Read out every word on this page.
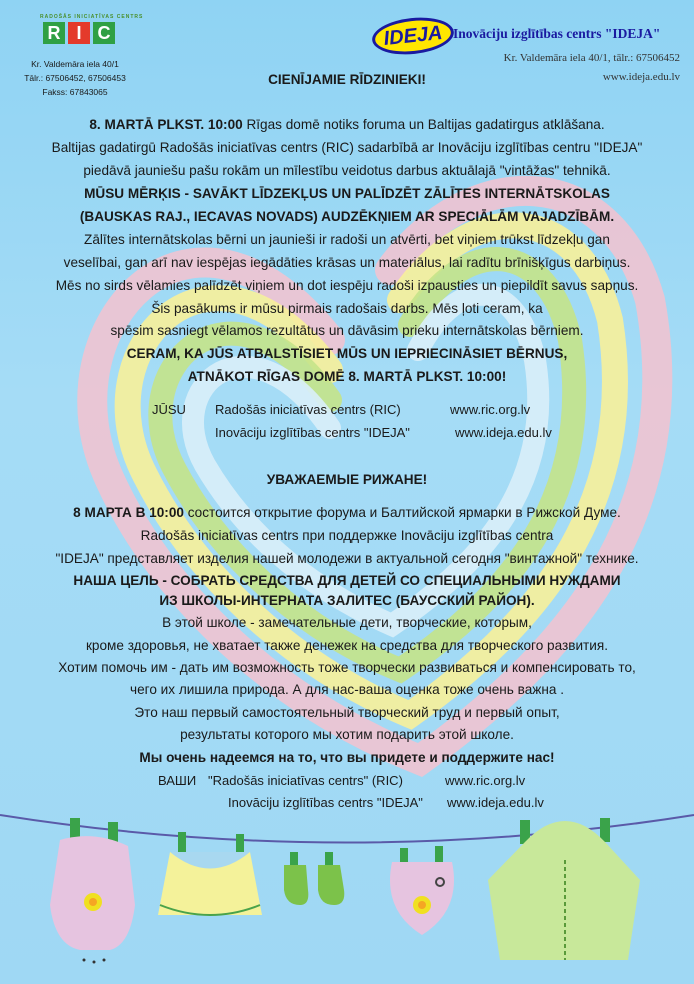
RADOŠĀS INICIATĪVAS CENTRS
R I C
Kr. Valdemāra iela 40/1
Tālr.: 67506452, 67506453
Fakss: 67843065
IDEJA Inovāciju izglītības centrs "IDEJA"
Kr. Valdemāra iela 40/1, tālr.: 67506452
www.ideja.edu.lv
CIENĪJAMIE RĪDZINIEKI!
8. MARTĀ PLKST. 10:00 Rīgas domē notiks foruma un Baltijas gadatirgus atklāšana.
Baltijas gadatirgū Radošās iniciatīvas centrs (RIC) sadarbībā ar Inovāciju izglītības centru "IDEJA"
piedāvā jauniešu pašu rokām un mīlestību veidotus darbus aktuālajā "vintāžas" tehnikā.
MŪSU MĒRĶIS - SAVĀKT LĪDZEKĻUS UN PALĪDZĒT ZĀLĪTES INTERNĀTSKOLAS
(BAUSKAS RAJ., IECAVAS NOVADS) AUDZĒKŅIEM AR SPECIĀLĀM VAJADZĪBĀM.
Zālītes internātskolas bērni un jaunieši ir radoši un atvērti, bet viņiem trūkst līdzekļu gan
veselībai, gan arī nav iespējas iegādāties krāsas un materiālus, lai radītu brīnišķīgus darbiņus.
Mēs no sirds vēlamies palīdzēt viņiem un dot iespēju radoši izpausties un piepildīt savus sapņus.
Šis pasākums ir mūsu pirmais radošais darbs. Mēs ļoti ceram, ka
spēsim sasniegt vēlamos rezultātus un dāvāsim prieku internātskolas bērniem.
CERAM, KA JŪS ATBALSTĪSIET MŪS UN IEPRIECINĀSIET BĒRNUS,
ATNĀKOT RĪGAS DOMĒ 8. MARTĀ PLKST. 10:00!
JŪSU Radošās iniciatīvas centrs (RIC)	www.ric.org.lv
Inovāciju izglītības centrs "IDEJA"	www.ideja.edu.lv
УВАЖАЕМЫЕ РИЖАНЕ!
8 МАРТА В 10:00 состоится открытие форума и Балтийской ярмарки в Рижской Думе.
Radošās iniciatīvas centrs при поддержке Inovāciju izglītības centra
"IDEJA" представляет изделия нашей молодежи в актуальной сегодня "винтажной" технике.
НАША ЦЕЛЬ - СОБРАТЬ СРЕДСТВА ДЛЯ ДЕТЕЙ СО СПЕЦИАЛЬНЫМИ НУЖДАМИ
ИЗ ШКОЛЫ-ИНТЕРНАТА ЗАЛИТЕС (БАУССКИЙ РАЙОН).
В этой школе - замечательные дети, творческие, которым,
кроме здоровья, не хватает также денежек на средства для творческого развития.
Хотим помочь им - дать им возможность тоже творчески развиваться и компенсировать то,
чего их лишила природа. А для нас-ваша оценка тоже очень важна .
Это наш первый самостоятельный творческий труд и первый опыт,
результаты которого мы хотим подарить этой школе.
Мы очень надеемся на то, что вы придете и поддержите нас!
ВАШИ "Radošās iniciatīvas centrs" (RIC)	www.ric.org.lv
Inovāciju izglītības centrs "IDEJA" www.ideja.edu.lv
